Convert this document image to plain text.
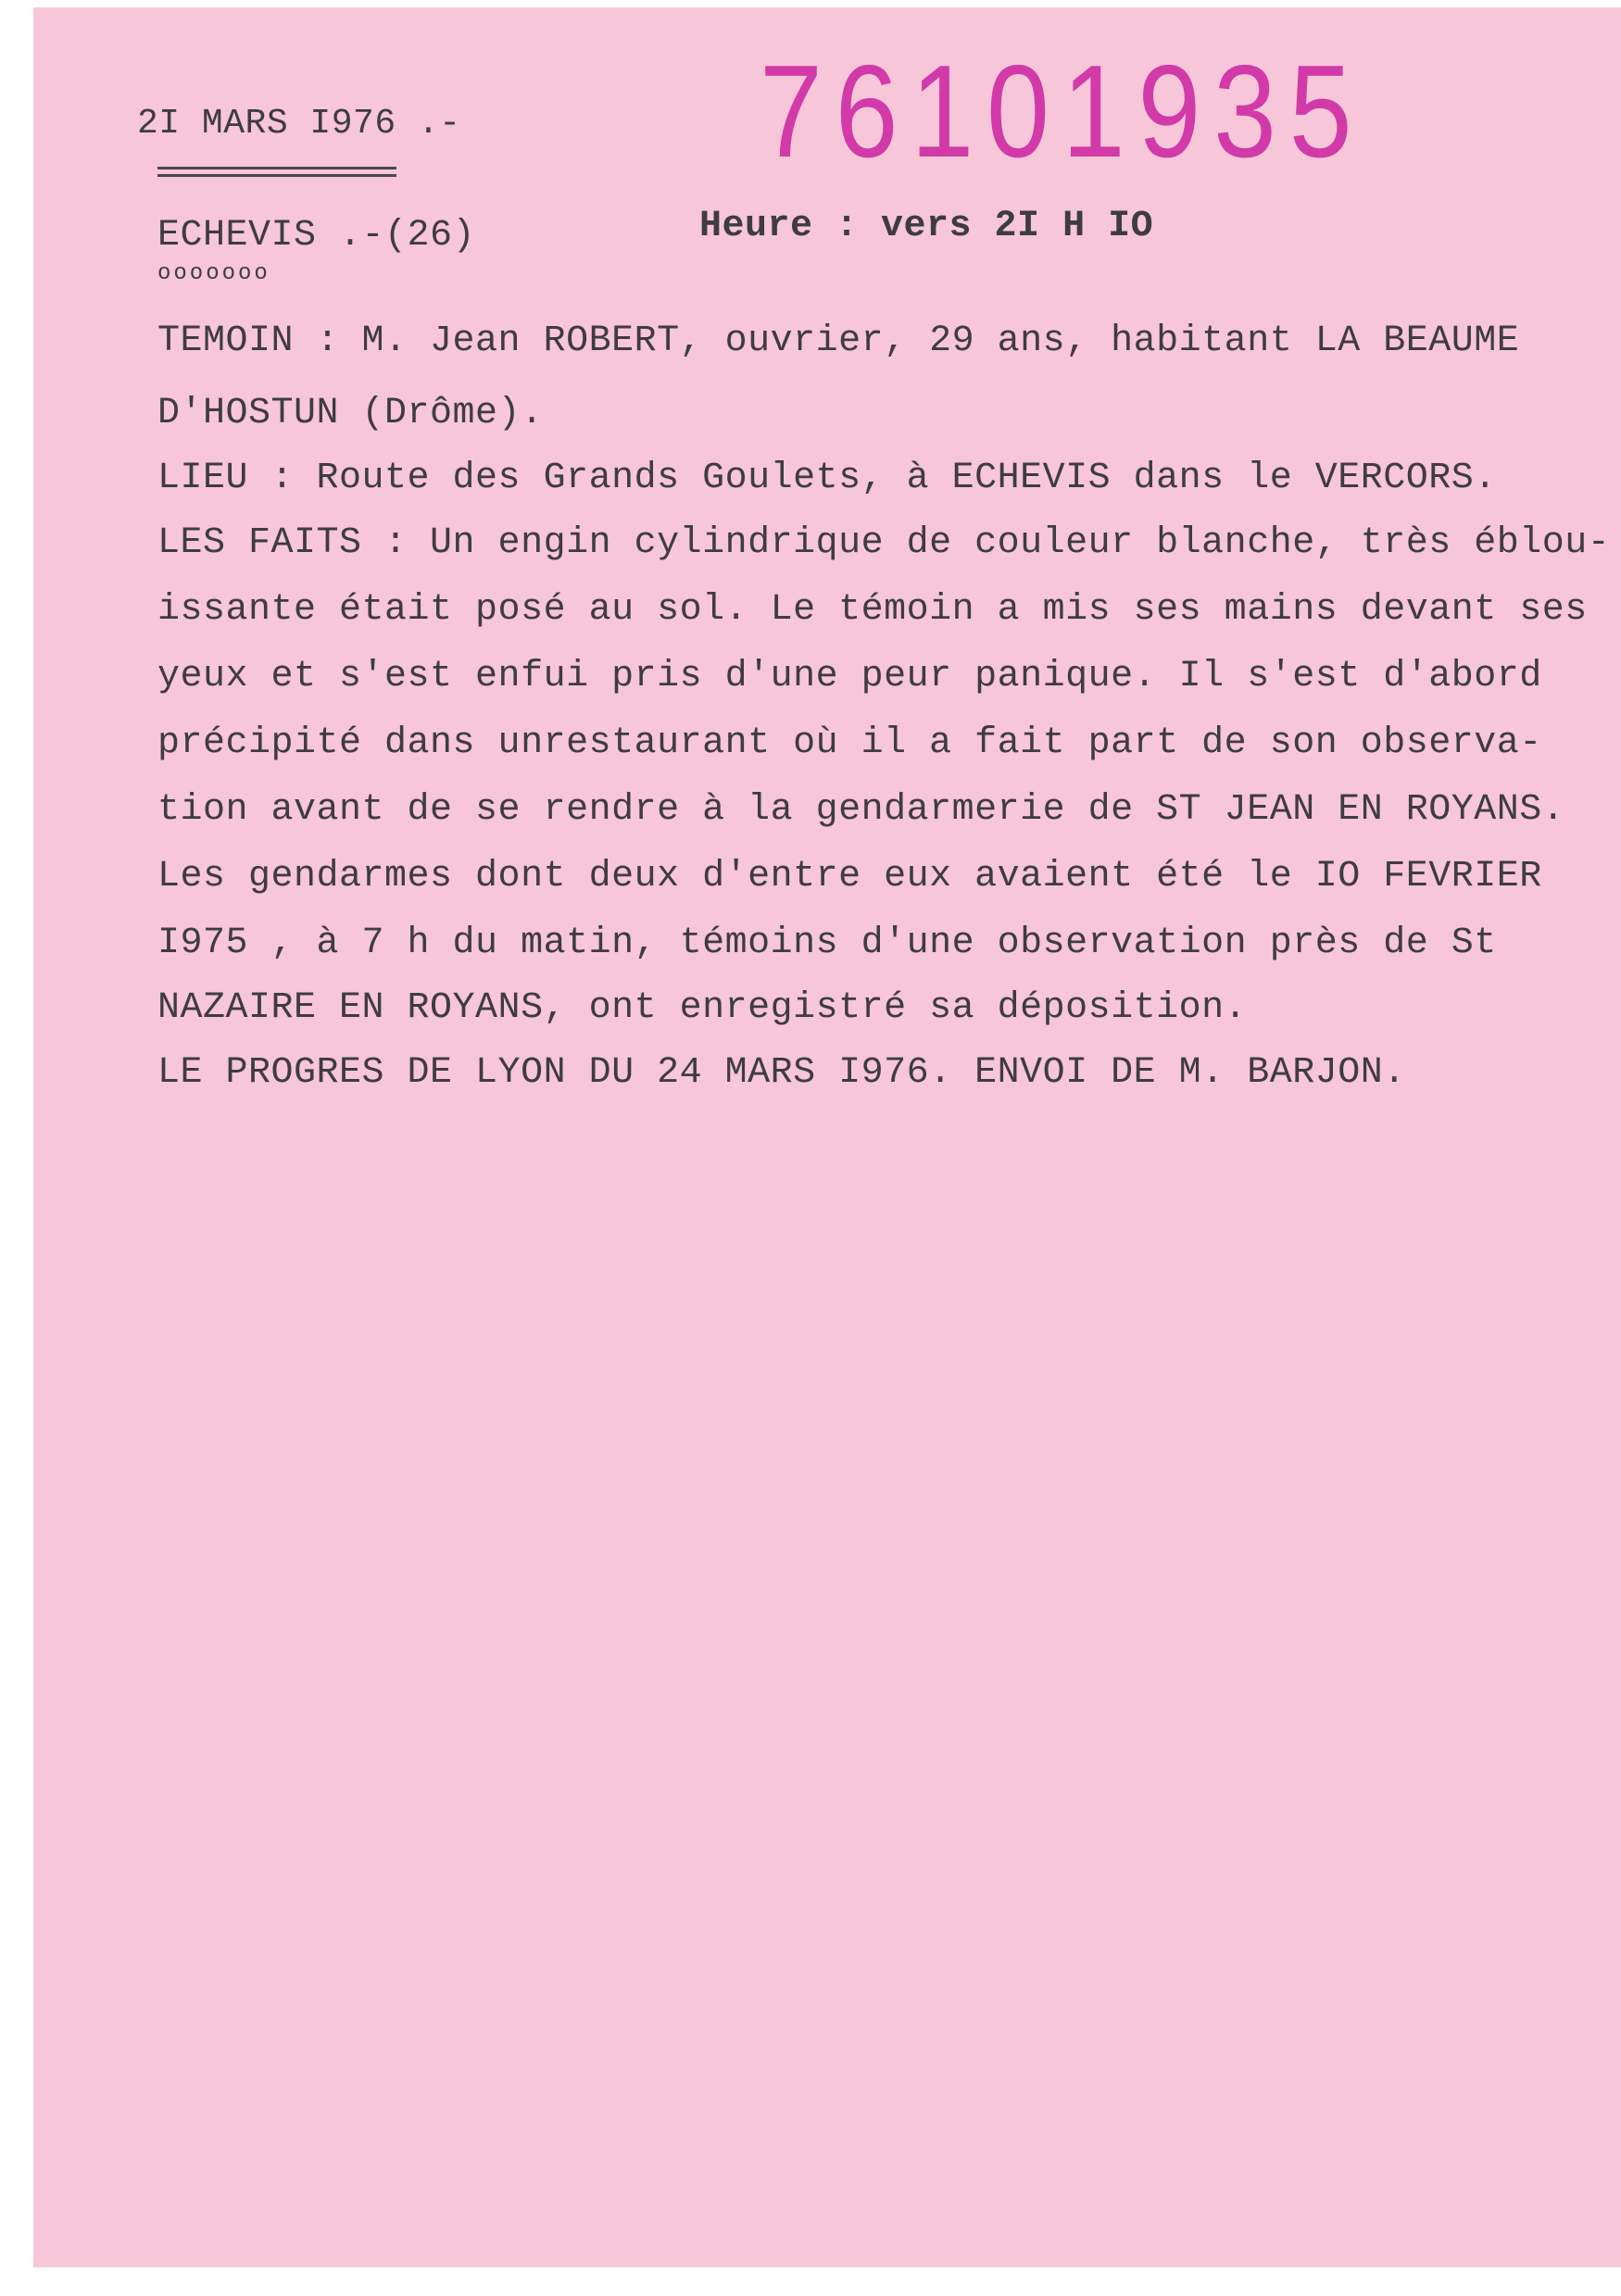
2I MARS I976 .- 76101935
ECHEVIS .-(26)
ooooooo
Heure : vers 2I H IO
TEMOIN : M. Jean ROBERT, ouvrier, 29 ans, habitant LA BEAUME
D'HOSTUN (Drôme).
LIEU : Route des Grands Goulets, à ECHEVIS dans le VERCORS.
LES FAITS : Un engin cylindrique de couleur blanche, très éblou-
issante était posé au sol. Le témoin a mis ses mains devant ses
yeux et s'est enfui pris d'une peur panique. Il s'est d'abord
précipité dans unrestaurant où il a fait part de son observa-
tion avant de se rendre à la gendarmerie de ST JEAN EN ROYANS.
Les gendarmes dont deux d'entre eux avaient été le IO FEVRIER
I975 , à 7 h du matin, témoins d'une observation près de St
NAZAIRE EN ROYANS, ont enregistré sa déposition.
LE PROGRES DE LYON DU 24 MARS I976. ENVOI DE M. BARJON.
